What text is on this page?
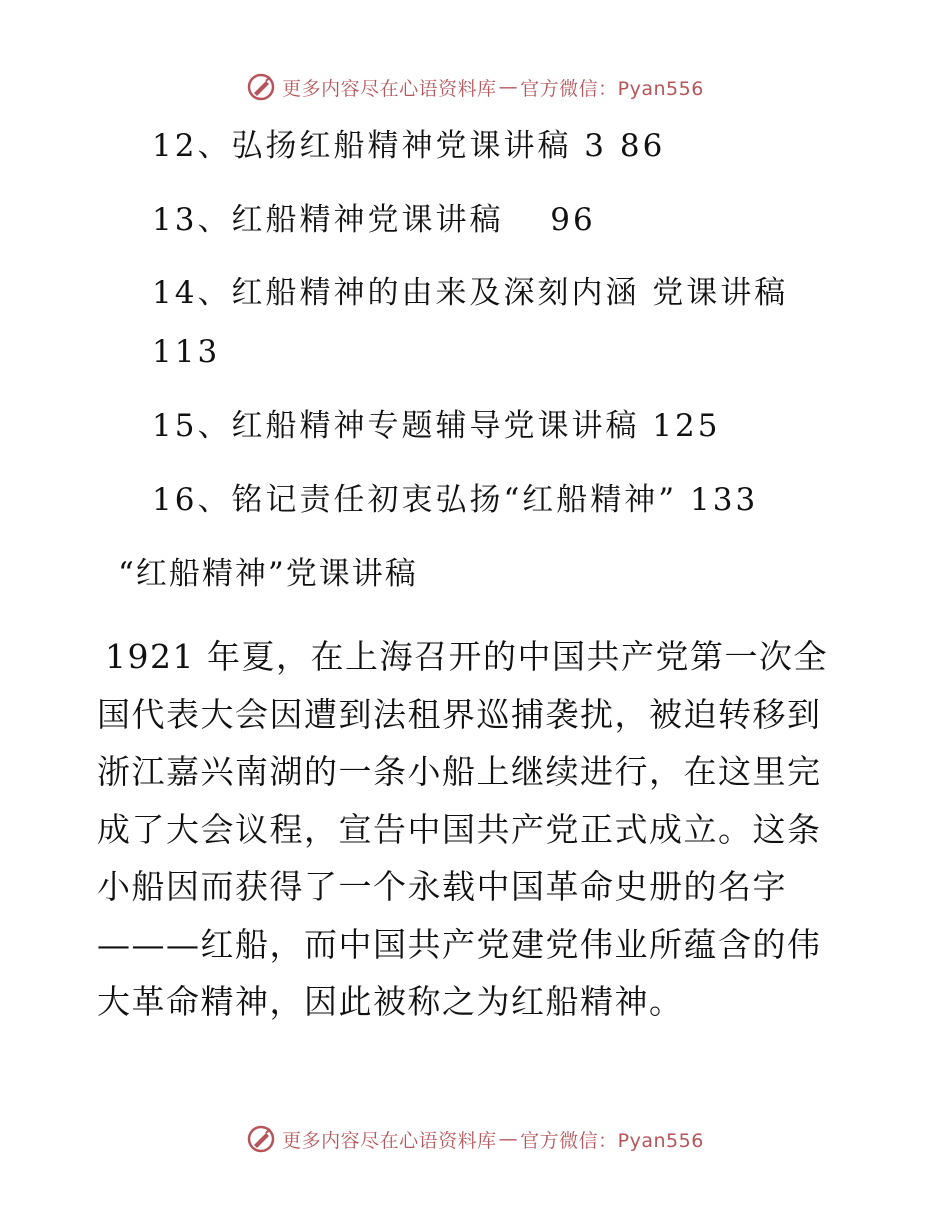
更多内容尽在心语资料库 — 官方微信：Pyan556
12、弘扬红船精神党课讲稿 3 86
13、红船精神党课讲稿　 96
14、红船精神的由来及深刻内涵 党课讲稿
113
15、红船精神专题辅导党课讲稿 125
16、铭记责任初衷弘扬“红船精神” 133
“红船精神”党课讲稿

1921 年夏，在上海召开的中国共产党第一次全国代表大会因遭到法租界巡捕袭扰，被迫转移到浙江嘉兴南湖的一条小船上继续进行，在这里完成了大会议程，宣告中国共产党正式成立。这条小船因而获得了一个永载中国革命史册的名字———红船，而中国共产党建党伟业所蕴含的伟大革命精神，因此被称之为红船精神。

更多内容尽在心语资料库 — 官方微信：Pyan556
